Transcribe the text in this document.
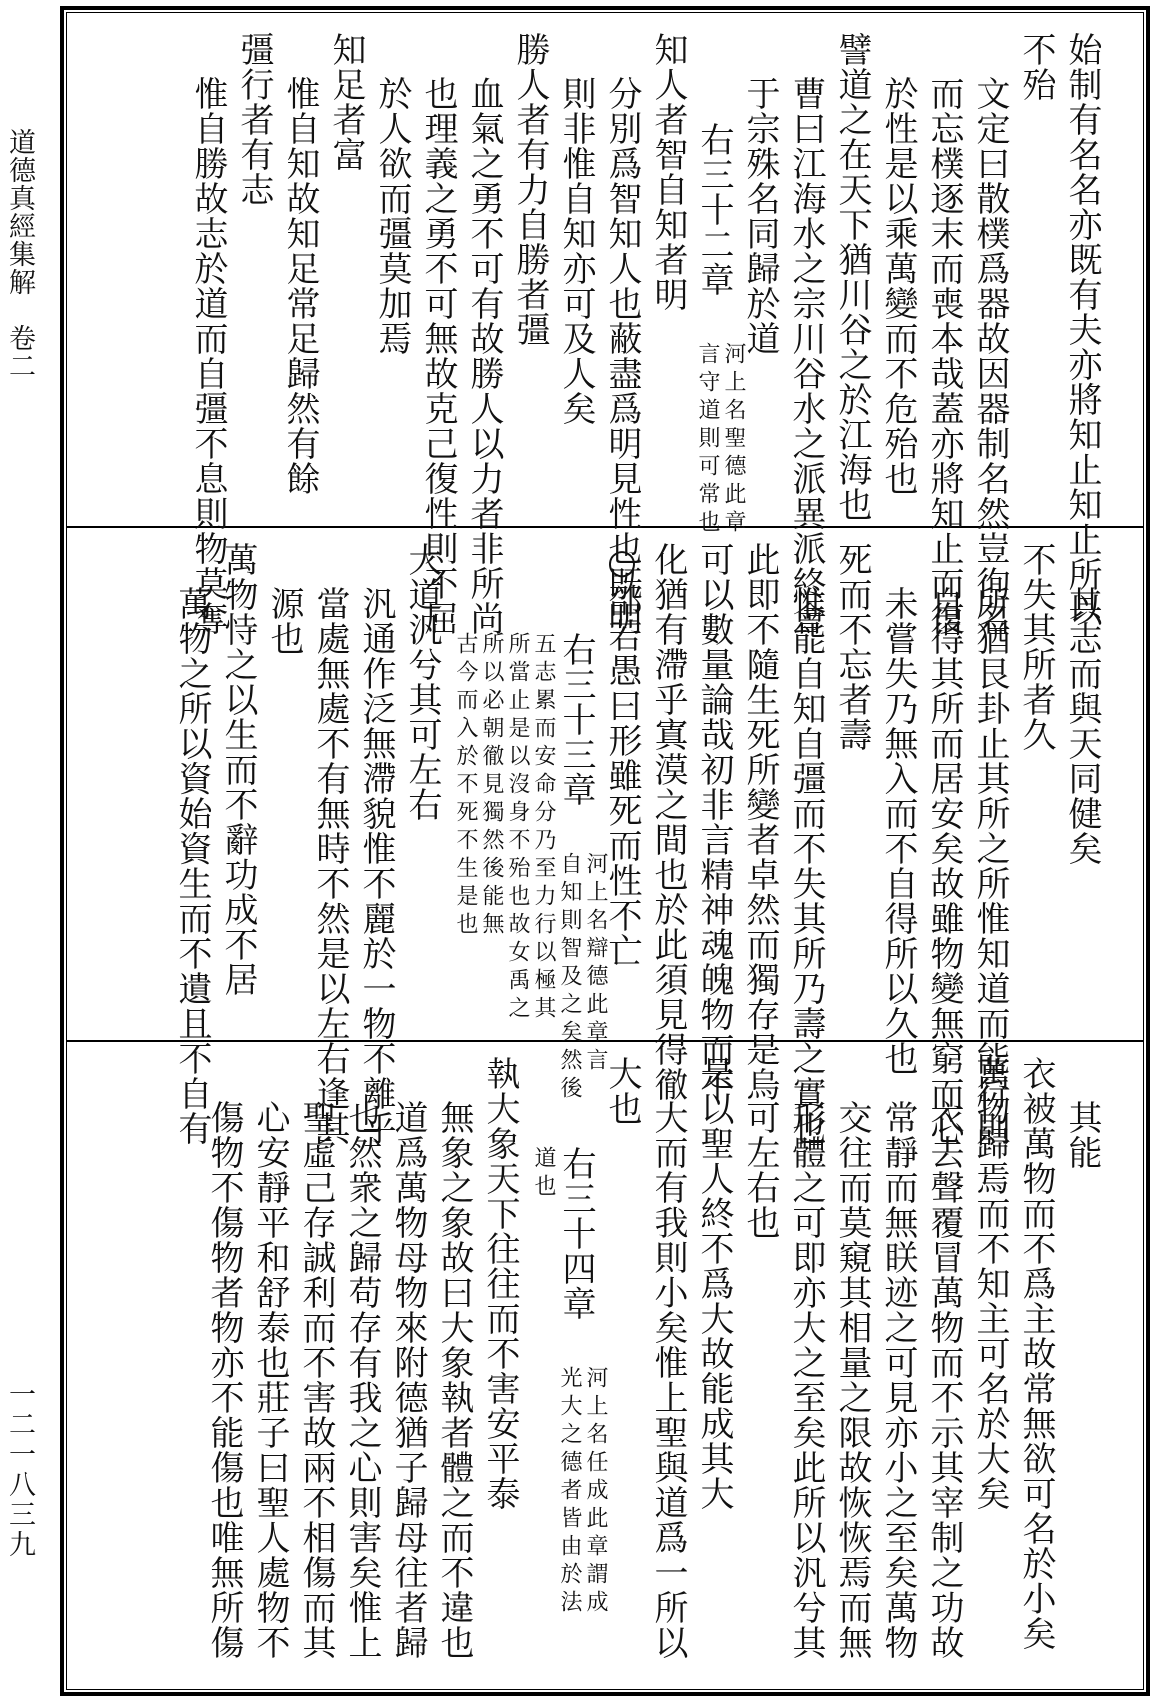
道德真經集解　卷二
一二一八三九
始制有名名亦既有夫亦將知止知止所以
不殆
文定曰散樸爲器故因器制名然豈徇名
而忘樸逐末而喪本哉蓋亦將知止而復
於性是以乘萬變而不危殆也
譬道之在天下猶川谷之於江海也
曹曰江海水之宗川谷水之派異派終會
于宗殊名同歸於道
右三十二章
河上名聖德此章
言守道則可常也
知人者智自知者明
分別爲智知人也蔽盡爲明見性也既明
則非惟自知亦可及人矣
勝人者有力自勝者彊
血氣之勇不可有故勝人以力者非所尚
也理義之勇不可無故克己復性則不屈
於人欲而彊莫加焉
知足者富
惟自知故知足常足歸然有餘
彊行者有志
惟自勝故志於道而自彊不息則物莫奪
其志而與天同健矣
不失其所者久
所猶艮卦止其所之所惟知道而能行則
自得其所而居安矣故雖物變無窮而心
未嘗失乃無入而不自得所以久也
死而不忘者壽
惟能自知自彊而不失其所乃壽之實也
此即不隨生死所變者卓然而獨存是烏
可以數量論哉初非言精神魂魄物而不
化猶有滯乎寘漠之間也於此須見得徹
○邵若愚曰形雖死而性不亡
右三十三章
河上名辯德此章言
自知則智及之矣然後
五志累而安命分乃至力行以極其
所當止是以沒身不殆也故女禹之
所以必朝徹見獨然後能無
古今而入於不死不生是也
大道汎兮其可左右
汎通作泛無滯貌惟不麗於一物不離乎
當處無處不有無時不然是以左右逢其
源也
萬物恃之以生而不辭功成不居
萬物之所以資始資生而不遺且不自有	其能
衣被萬物而不爲主故常無欲可名於小矣
萬物歸焉而不知主可名於大矣
衣去聲覆冒萬物而不示其宰制之功故
常靜而無眹迹之可見亦小之至矣萬物
交往而莫窺其相量之限故恢恢焉而無
形體之可即亦大之至矣此所以汎兮其
可左右也
是以聖人終不爲大故能成其大
大而有我則小矣惟上聖與道爲一所以
大也
右三十四章
河上名任成此章謂成
光大之德者皆由於法
道也
執大象天下往往而不害安平泰
無象之象故曰大象執者體之而不違也
道爲萬物母物來附德猶子歸母往者歸
也然衆之歸苟存有我之心則害矣惟上
聖虛己存誠利而不害故兩不相傷而其
心安靜平和舒泰也莊子曰聖人處物不
傷物不傷物者物亦不能傷也唯無所傷
